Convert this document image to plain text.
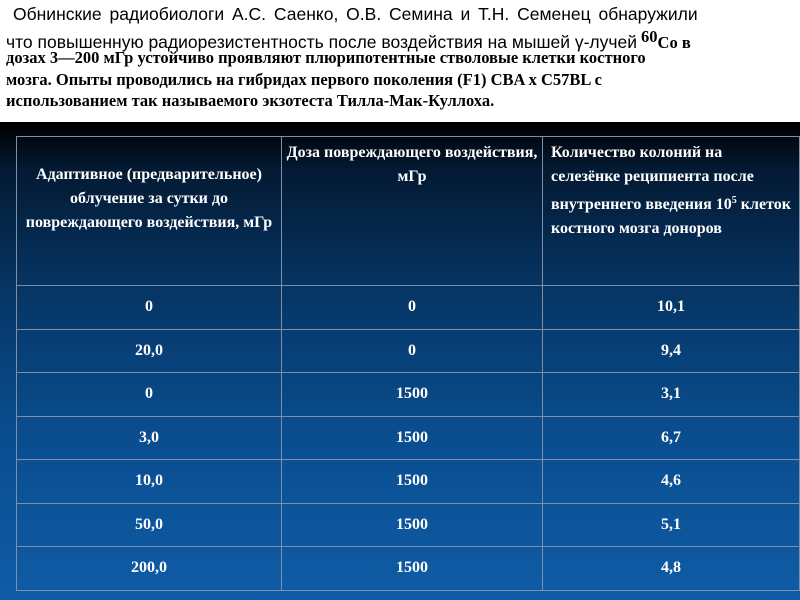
Обнинские радиобиологи А.С. Саенко, О.В. Семина и Т.Н. Семенец обнаружили
что повышенную радиорезистентность после воздействия на мышей γ-лучей $^{60}$Co в
дозах 3—200 мГр устойчиво проявляют плюрипотентные стволовые клетки костного
мозга. Опыты проводились на гибридах первого поколения (F1) CBA x C57BL с
использованием так называемого экзотеста Тилла-Мак-Куллоха.
Адаптивное (предварительное) облучение за сутки до повреждающего воздействия, мГр	Доза повреждающего воздействия, мГр	Количество колоний на селезёнке реципиента после внутреннего введения $10^5$ клеток костного мозга доноров
0	0	10,1
20,0	0	9,4
0	1500	3,1
3,0	1500	6,7
10,0	1500	4,6
50,0	1500	5,1
200,0	1500	4,8
